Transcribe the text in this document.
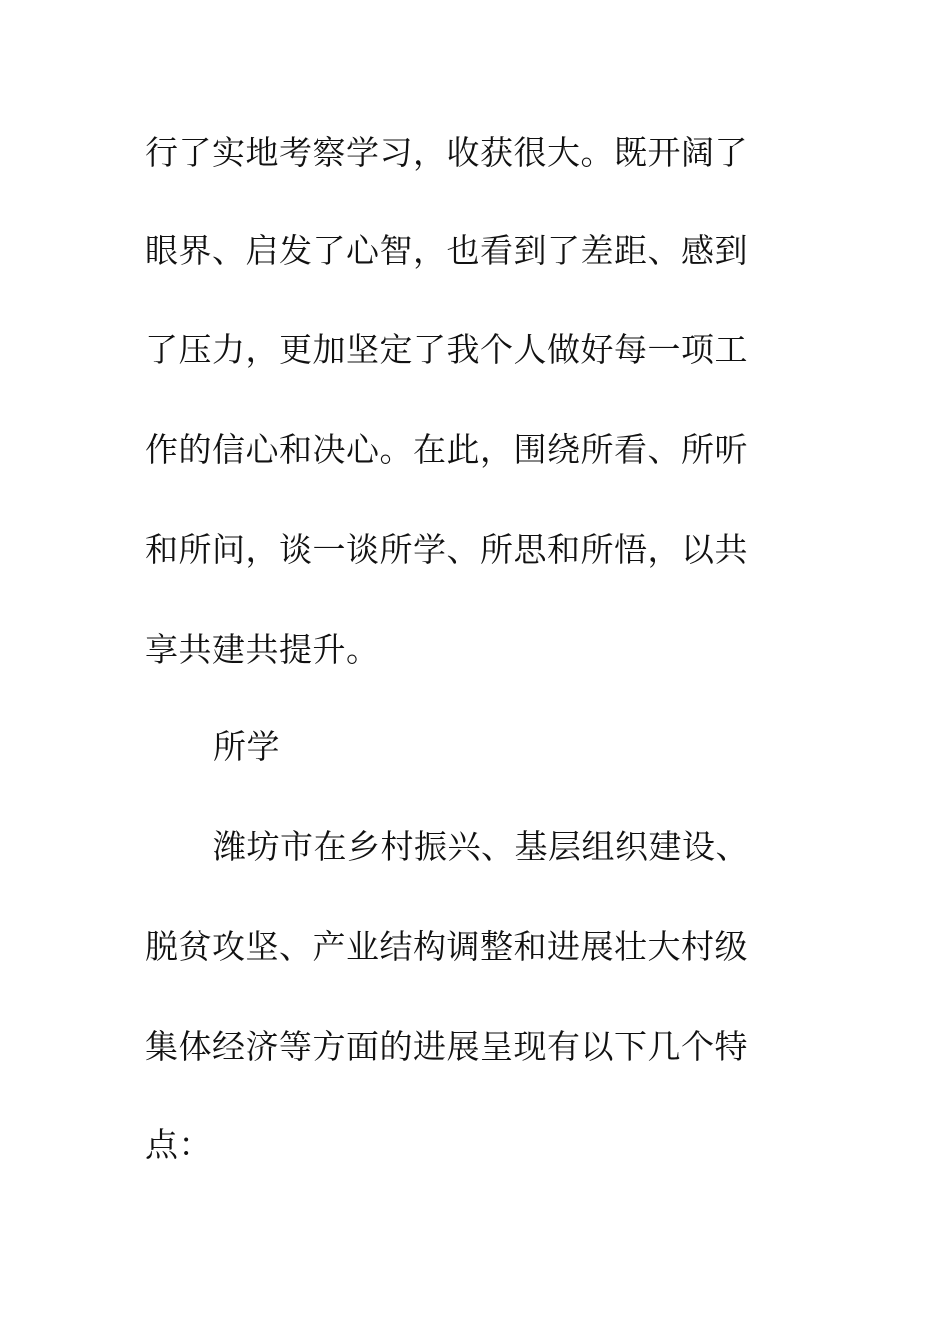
行了实地考察学习，收获很大。既开阔了
眼界、启发了心智，也看到了差距、感到
了压力，更加坚定了我个人做好每一项工
作的信心和决心。在此，围绕所看、所听
和所问，谈一谈所学、所思和所悟，以共
享共建共提升。
所学
潍坊市在乡村振兴、基层组织建设、
脱贫攻坚、产业结构调整和进展壮大村级
集体经济等方面的进展呈现有以下几个特
点：
